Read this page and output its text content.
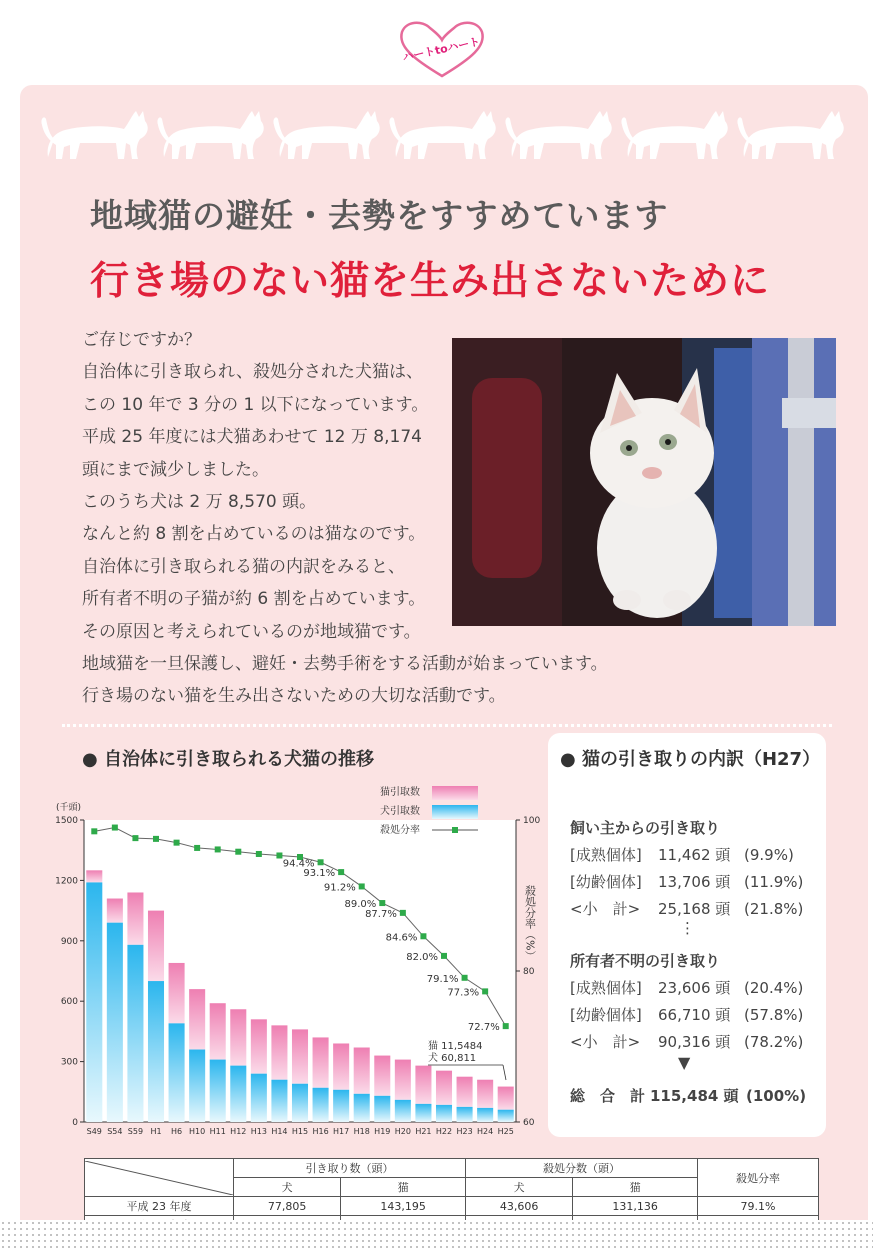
ハートtoハート
地域猫の避妊・去勢をすすめています
行き場のない猫を生み出さないために
ご存じですか？
自治体に引き取られ、殺処分された犬猫は、
この 10 年で 3 分の 1 以下になっています。
平成 25 年度には犬猫あわせて 12 万 8,174
頭にまで減少しました。
このうち犬は 2 万 8,570 頭。
なんと約 8 割を占めているのは猫なのです。
自治体に引き取られる猫の内訳をみると、
所有者不明の子猫が約 6 割を占めています。
その原因と考えられているのが地域猫です。
地域猫を一旦保護し、避妊・去勢手術をする活動が始まっています。
行き場のない猫を生み出さないための大切な活動です。
● 自治体に引き取られる犬猫の推移
0
300
600
900
1200
1500
60
80
100
S49 S54 S59 H1 H6 H10 H11 H12 H13 H14 H15 H16 H17 H18 H19 H20 H21 H22 H23 H24 H25
94.4%
93.1%
91.2%
89.0%
87.7%
84.6%
82.0%
79.1%
77.3%
72.7%
猫引取数
犬引取数
殺処分率
(千頭)
殺処分率（%）
猫 11,5484
犬 60,811
● 猫の引き取りの内訳（H27）
飼い主からの引き取り
[成熟個体] 11,462 頭 (9.9%)
[幼齢個体] 13,706 頭 (11.9%)
<小　計> 25,168 頭 (21.8%)
⋮
所有者不明の引き取り
[成熟個体] 23,606 頭 (20.4%)
[幼齢個体] 66,710 頭 (57.8%)
<小　計> 90,316 頭 (78.2%)
▼
総　合　計 115,484 頭 (100%)
	引き取り数（頭）		殺処分数（頭）		殺処分率
	犬	猫	犬	猫	
平成 23 年度	77,805	143,195	43,606	131,136	79.1%
